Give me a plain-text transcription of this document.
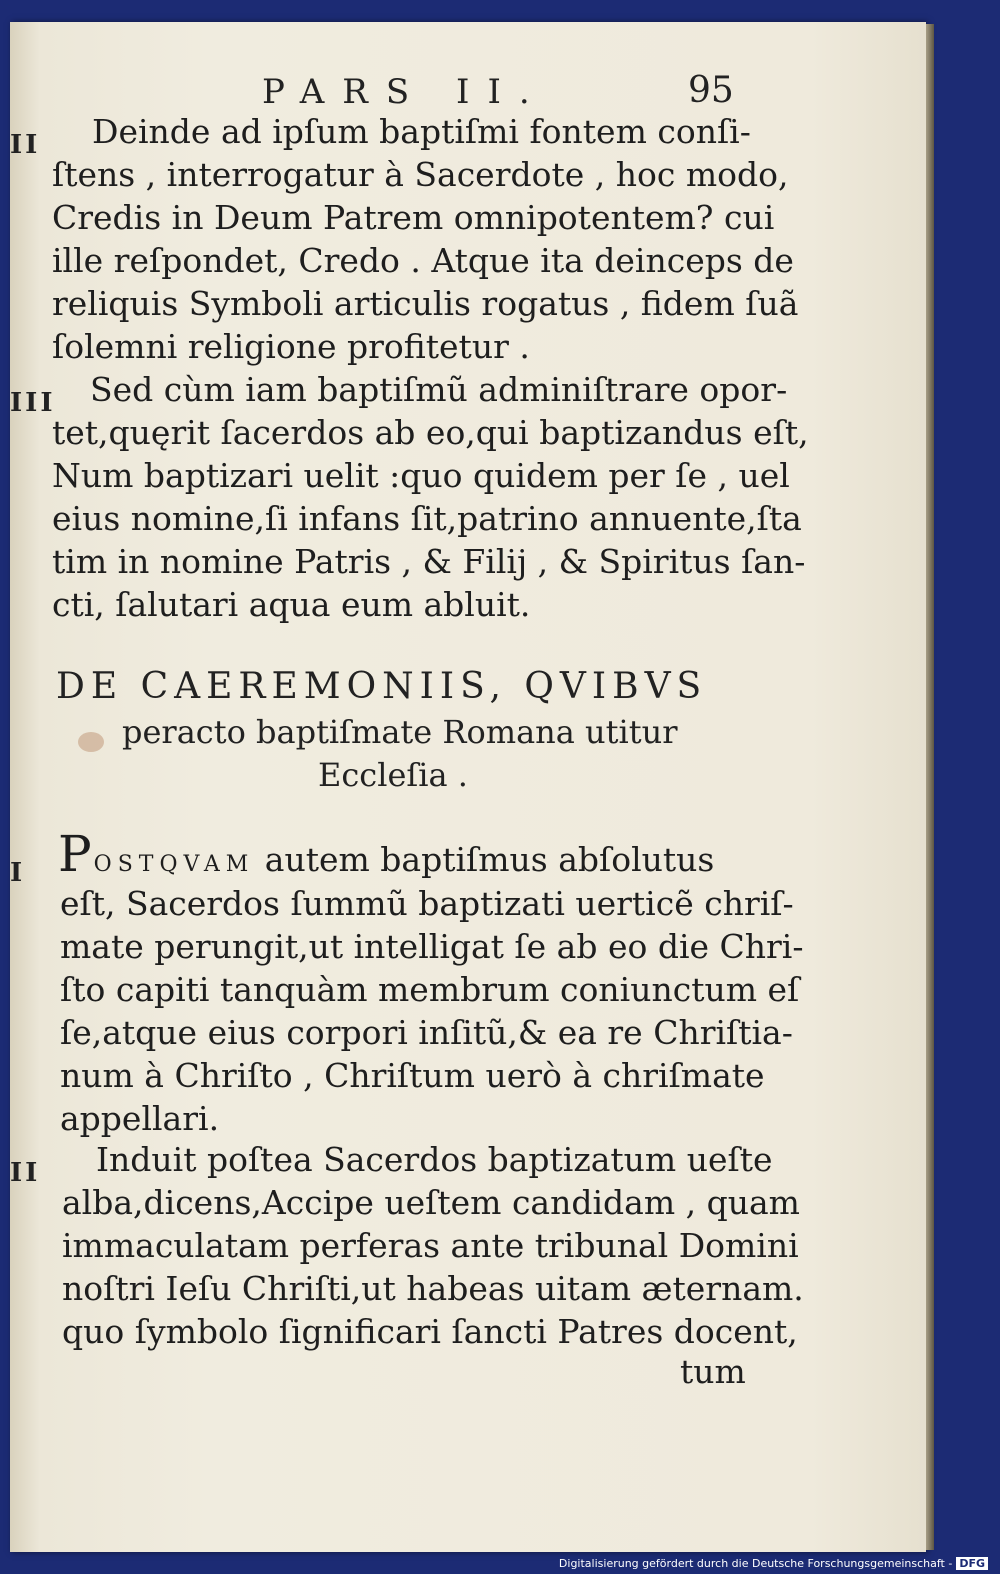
PARS II.	95
II Deinde ad ipſum baptiſmi fontem conſi-
ſtens , interrogatur à Sacerdote , hoc modo,
Credis in Deum Patrem omnipotentem? cui
ille reſpondet, Credo . Atque ita deinceps de
reliquis Symboli articulis rogatus , fidem ſuã
ſolemni religione profitetur .
III Sed cùm iam baptiſmũ adminiſtrare opor-
tet,quęrit ſacerdos ab eo,qui baptizandus eſt,
Num baptizari uelit :quo quidem per ſe , uel
eius nomine,ſi infans ſit,patrino annuente,ſta
tim in nomine Patris , & Filij , & Spiritus ſan-
cti, ſalutari aqua eum abluit.
DE CAEREMONIIS, QVIBVS
peracto baptiſmate Romana utitur
Eccleſia .
I POSTQVAM autem baptiſmus abſolutus
eſt, Sacerdos ſummũ baptizati uerticẽ chriſ-
mate perungit,ut intelligat ſe ab eo die Chri-
ſto capiti tanquàm membrum coniunctum eſ
ſe,atque eius corpori inſitũ,& ea re Chriſtia-
num à Chriſto , Chriſtum uerò à chriſmate
appellari.
II Induit poſtea Sacerdos baptizatum ueſte
alba,dicens,Accipe ueſtem candidam , quam
immaculatam perferas ante tribunal Domini
noſtri Ieſu Chriſti,ut habeas uitam æternam.
quo ſymbolo ſignificari ſancti Patres docent,
tum
Digitalisierung gefördert durch die Deutsche Forschungsgemeinschaft - DFG
